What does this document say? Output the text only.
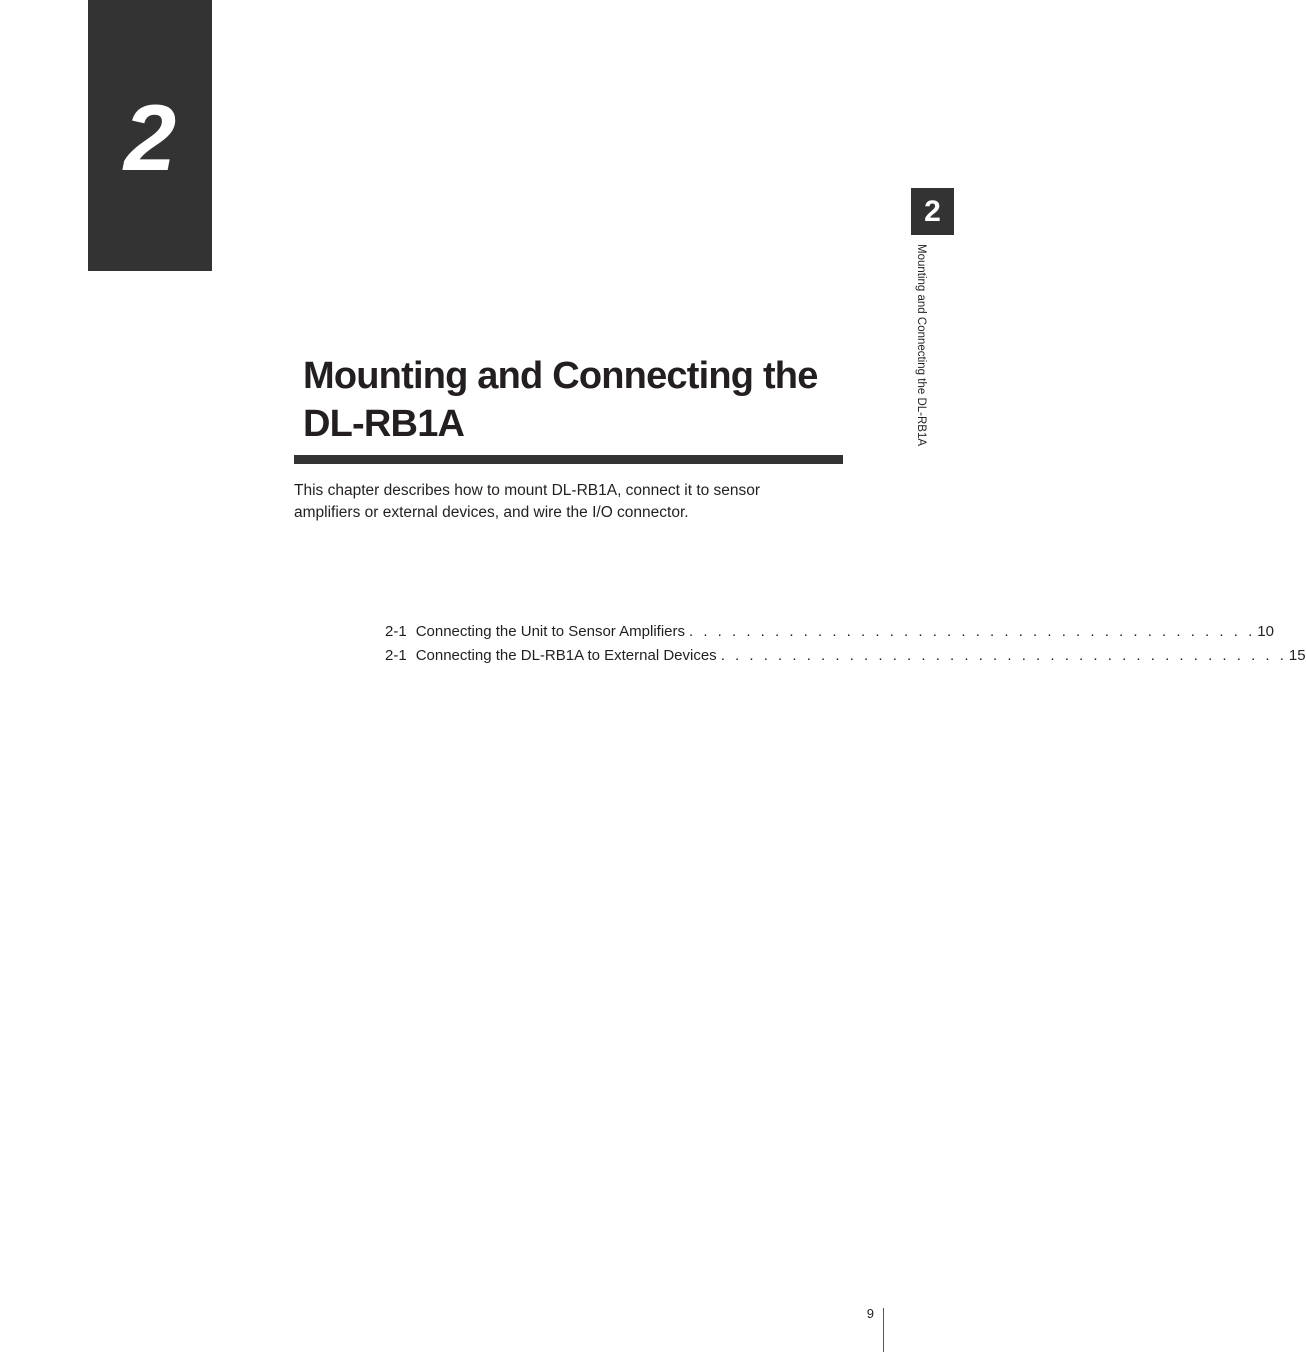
2
2
Mounting and Connecting the DL-RB1A
Mounting and Connecting the
DL-RB1A

This chapter describes how to mount DL-RB1A, connect it to sensor
amplifiers or external devices, and wire the I/O connector.

2-1 Connecting the Unit to Sensor Amplifiers . . . . . . . . . . . . . . . . . . . . . . . . . . . . . . . . . . . . . . . . 10
2-1 Connecting the DL-RB1A to External Devices . . . . . . . . . . . . . . . . . . . . . . . . . . . . . . . . . . . . . . . . 15
9
